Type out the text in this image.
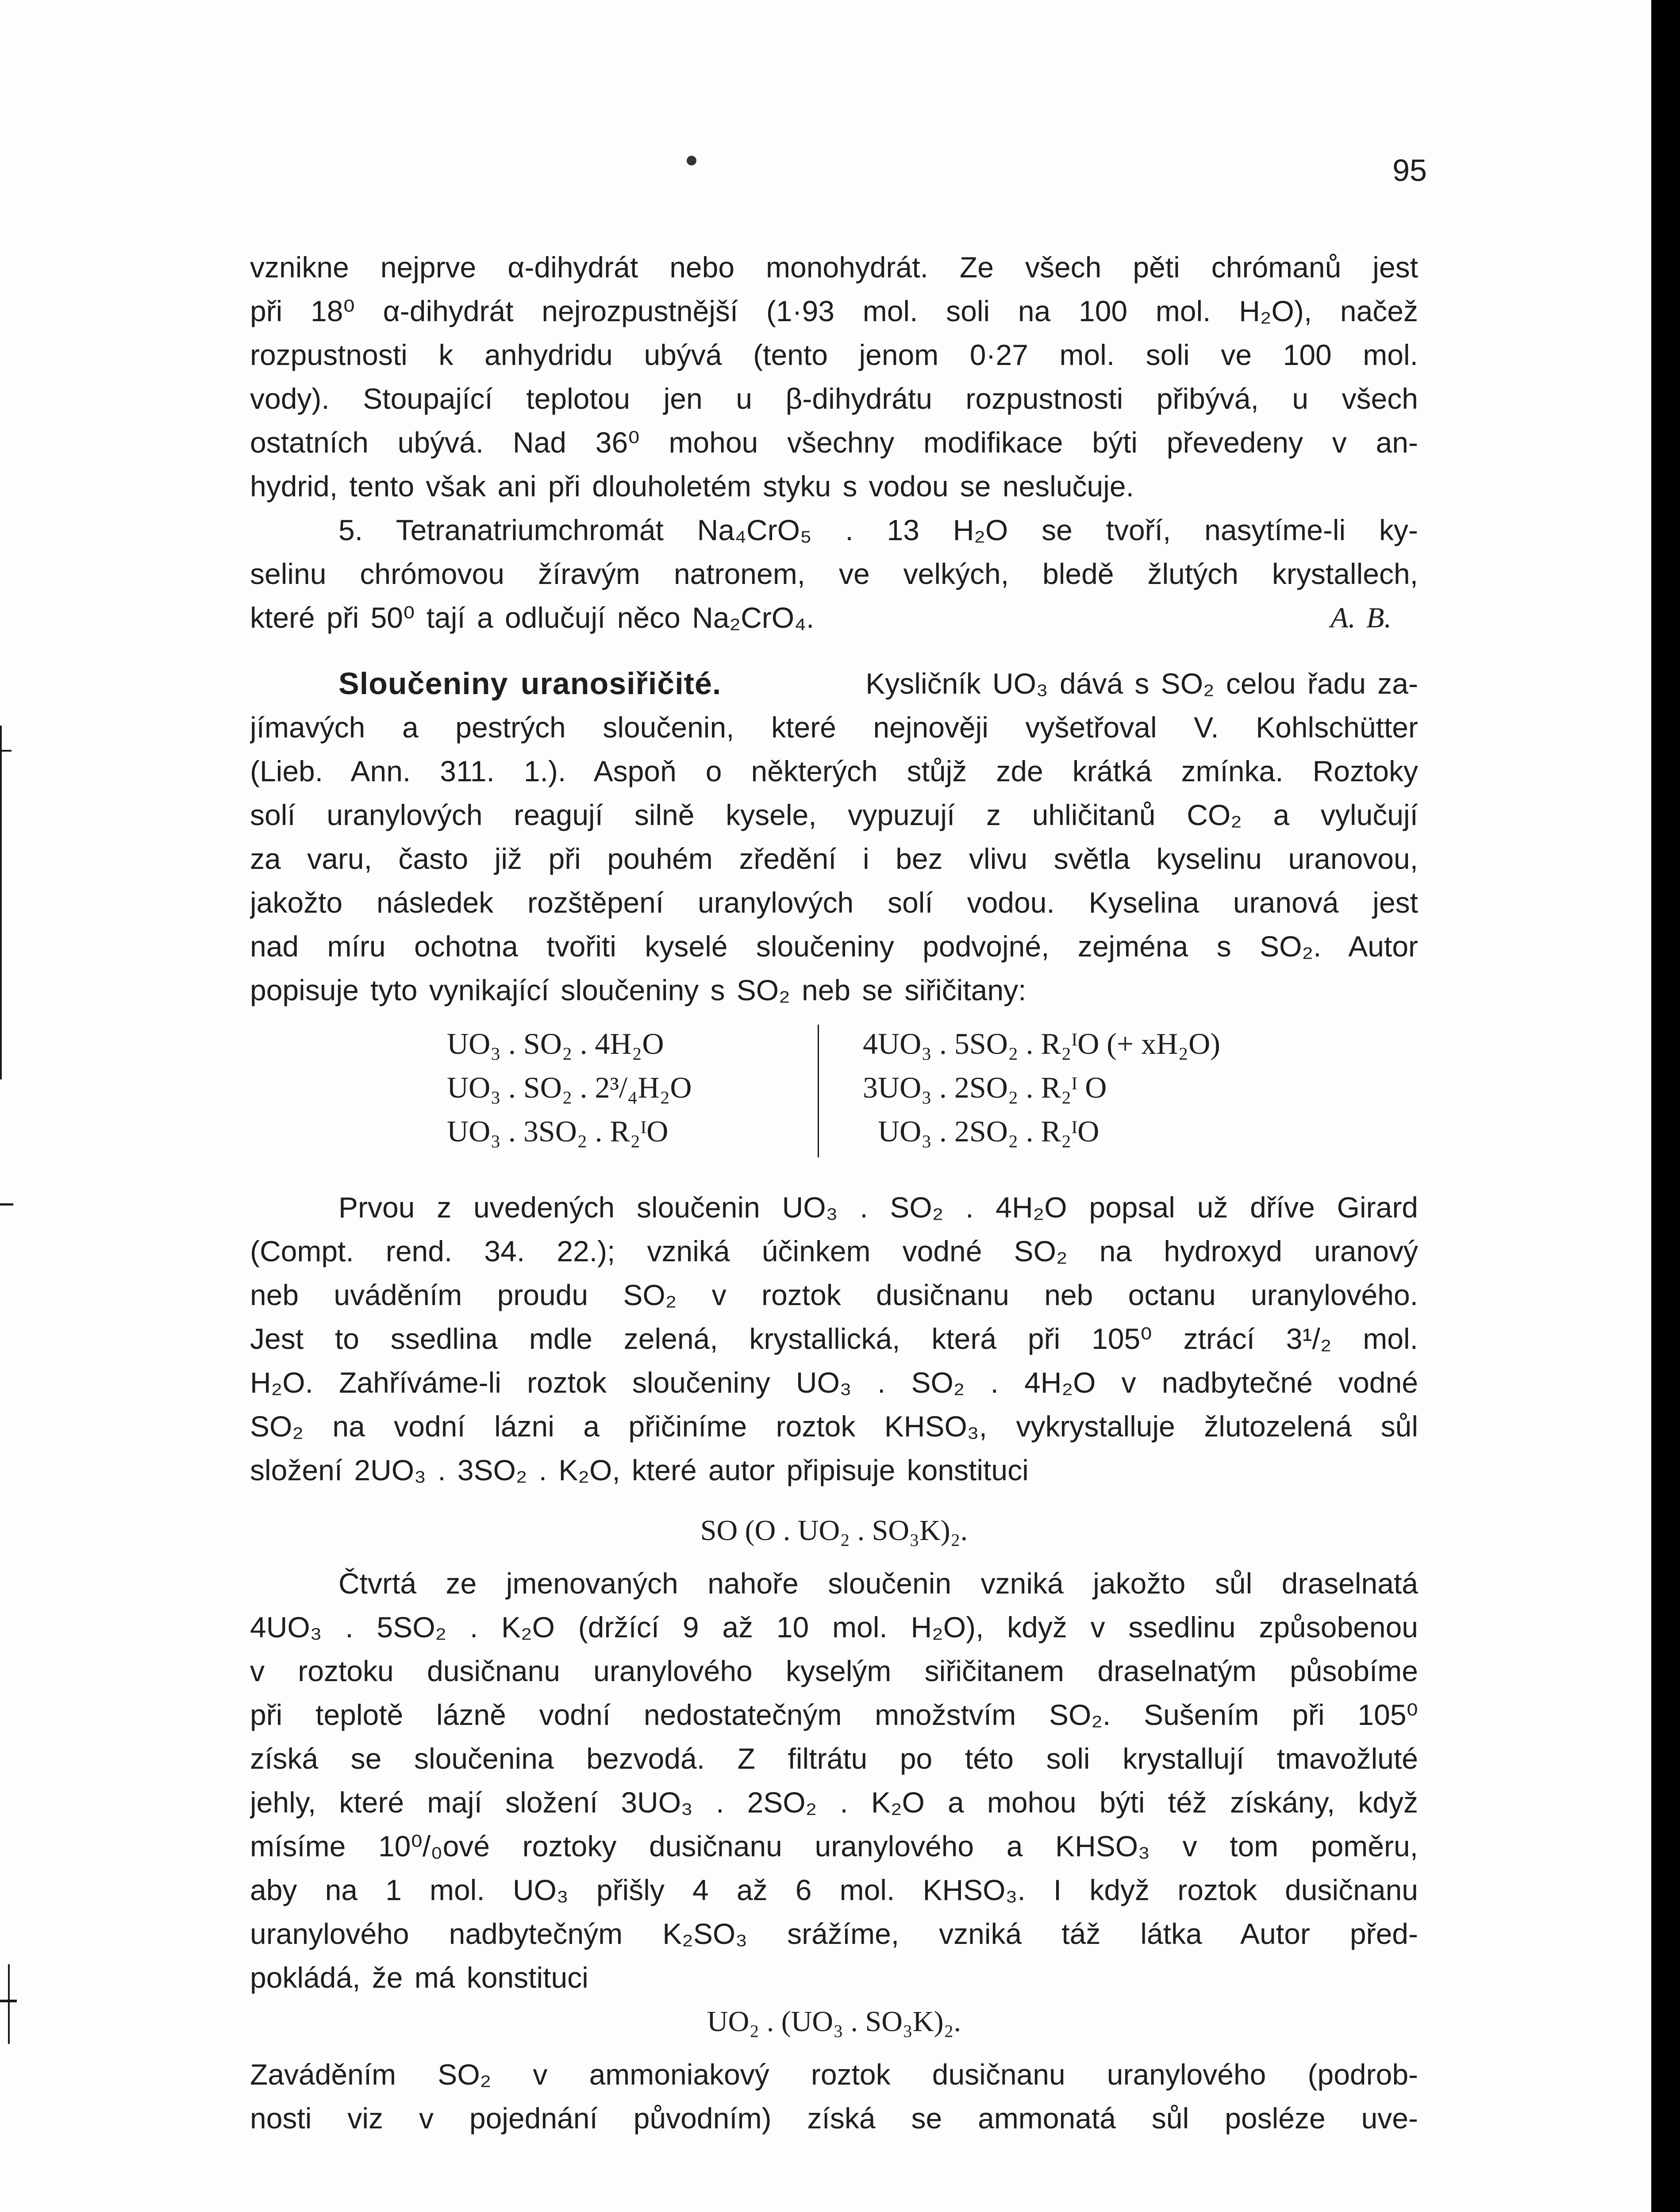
95
vznikne nejprve α-dihydrát nebo monohydrát. Ze všech pěti chrómanů jest
při 18⁰ α-dihydrát nejrozpustnější (1·93 mol. soli na 100 mol. H₂O), načež
rozpustnosti k anhydridu ubývá (tento jenom 0·27 mol. soli ve 100 mol.
vody). Stoupající teplotou jen u β-dihydrátu rozpustnosti přibývá, u všech
ostatních ubývá. Nad 36⁰ mohou všechny modifikace býti převedeny v an-
hydrid, tento však ani při dlouholetém styku s vodou se neslučuje.
5. Tetranatriumchromát Na₄CrO₅ . 13 H₂O se tvoří, nasytíme-li ky-
selinu chrómovou žíravým natronem, ve velkých, bledě žlutých krystallech,
které při 50⁰ tají a odlučují něco Na₂CrO₄.	A. B.
Sloučeniny uranosiřičité.	Kysličník UO₃ dává s SO₂ celou řadu za-
jímavých a pestrých sloučenin, které nejnověji vyšetřoval V. Kohlschütter
(Lieb. Ann. 311. 1.). Aspoň o některých stůjž zde krátká zmínka. Roztoky
solí uranylových reagují silně kysele, vypuzují z uhličitanů CO₂ a vylučují
za varu, často již při pouhém zředění i bez vlivu světla kyselinu uranovou,
jakožto následek rozštěpení uranylových solí vodou. Kyselina uranová jest
nad míru ochotna tvořiti kyselé sloučeniny podvojné, zejména s SO₂. Autor
popisuje tyto vynikající sloučeniny s SO₂ neb se siřičitany:
UO₃ . SO₂ . 4H₂O
UO₃ . SO₂ . 2³/₄H₂O
UO₃ . 3SO₂ . R₂ᴵO
4UO₃ . 5SO₂ . R₂ᴵO (+ xH₂O)
3UO₃ . 2SO₂ . R₂ᴵ O
UO₃ . 2SO₂ . R₂ᴵO
Prvou z uvedených sloučenin UO₃ . SO₂ . 4H₂O popsal už dříve Girard
(Compt. rend. 34. 22.); vzniká účinkem vodné SO₂ na hydroxyd uranový
neb uváděním proudu SO₂ v roztok dusičnanu neb octanu uranylového.
Jest to ssedlina mdle zelená, krystallická, která při 105⁰ ztrácí 3¹/₂ mol.
H₂O. Zahříváme-li roztok sloučeniny UO₃ . SO₂ . 4H₂O v nadbytečné vodné
SO₂ na vodní lázni a přičiníme roztok KHSO₃, vykrystalluje žlutozelená sůl
složení 2UO₃ . 3SO₂ . K₂O, které autor připisuje konstituci
SO (O . UO₂ . SO₃K)₂.
Čtvrtá ze jmenovaných nahoře sloučenin vzniká jakožto sůl draselnatá
4UO₃ . 5SO₂ . K₂O (držící 9 až 10 mol. H₂O), když v ssedlinu způsobenou
v roztoku dusičnanu uranylového kyselým siřičitanem draselnatým působíme
při teplotě lázně vodní nedostatečným množstvím SO₂. Sušením při 105⁰
získá se sloučenina bezvodá. Z filtrátu po této soli krystallují tmavožluté
jehly, které mají složení 3UO₃ . 2SO₂ . K₂O a mohou býti též získány, když
mísíme 10⁰/₀ové roztoky dusičnanu uranylového a KHSO₃ v tom poměru,
aby na 1 mol. UO₃ přišly 4 až 6 mol. KHSO₃. I když roztok dusičnanu
uranylového nadbytečným K₂SO₃ srážíme, vzniká táž látka Autor před-
pokládá, že má konstituci
UO₂ . (UO₃ . SO₃K)₂.
Zaváděním SO₂ v ammoniakový roztok dusičnanu uranylového (podrob-
nosti viz v pojednání původním) získá se ammonatá sůl posléze uve-
